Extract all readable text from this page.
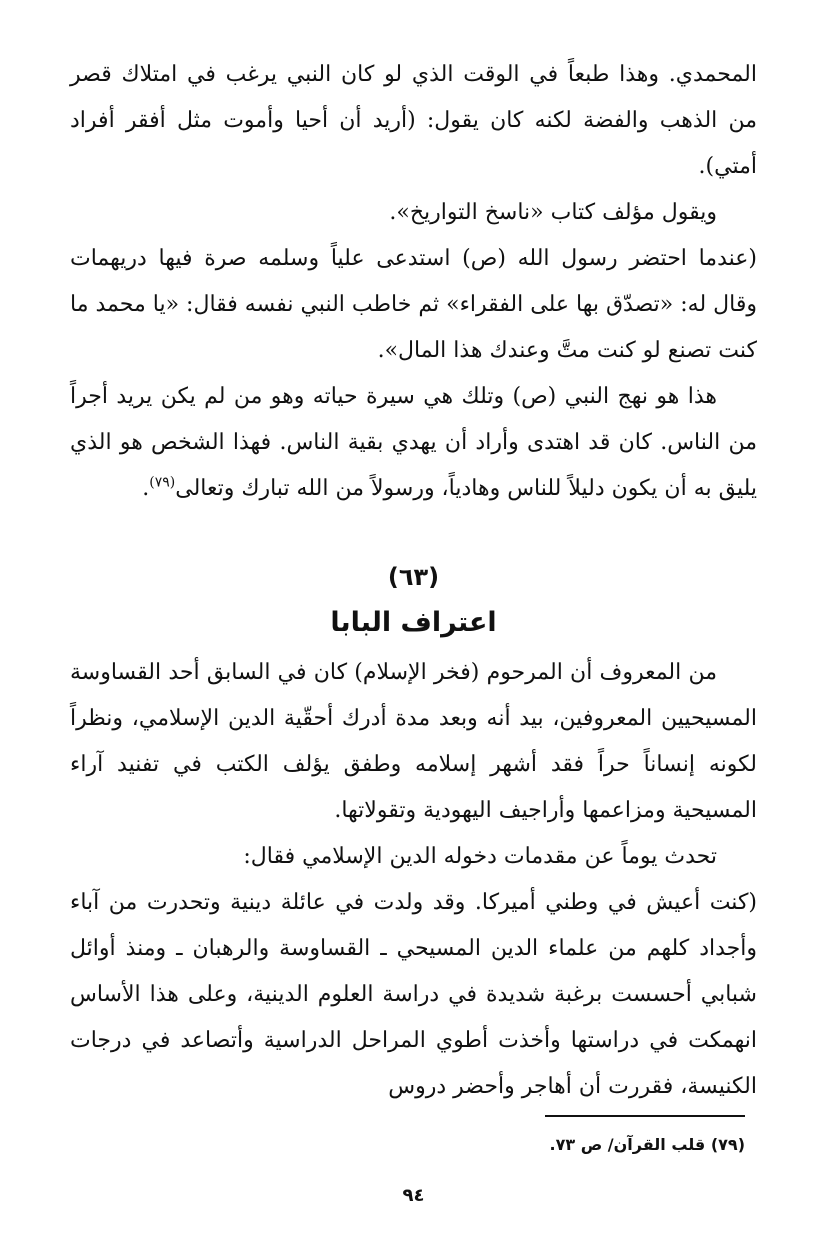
المحمدي. وهذا طبعاً في الوقت الذي لو كان النبي يرغب في امتلاك قصر من الذهب والفضة لكنه كان يقول: (أريد أن أحيا وأموت مثل أفقر أفراد أمتي).

ويقول مؤلف كتاب «ناسخ التواريخ».

(عندما احتضر رسول الله (ص) استدعى علياً وسلمه صرة فيها دريهمات وقال له: «تصدّق بها على الفقراء» ثم خاطب النبي نفسه فقال: «يا محمد ما كنت تصنع لو كنت متَّ وعندك هذا المال».

هذا هو نهج النبي (ص) وتلك هي سيرة حياته وهو من لم يكن يريد أجراً من الناس. كان قد اهتدى وأراد أن يهدي بقية الناس. فهذا الشخص هو الذي يليق به أن يكون دليلاً للناس وهادياً، ورسولاً من الله تبارك وتعالى$^{(٧٩)}$.

(٦٣)

اعتراف البابا

من المعروف أن المرحوم (فخر الإسلام) كان في السابق أحد القساوسة المسيحيين المعروفين، بيد أنه وبعد مدة أدرك أحقّية الدين الإسلامي، ونظراً لكونه إنساناً حراً فقد أشهر إسلامه وطفق يؤلف الكتب في تفنيد آراء المسيحية ومزاعمها وأراجيف اليهودية وتقولاتها.

تحدث يوماً عن مقدمات دخوله الدين الإسلامي فقال:

(كنت أعيش في وطني أميركا. وقد ولدت في عائلة دينية وتحدرت من آباء وأجداد كلهم من علماء الدين المسيحي ـ القساوسة والرهبان ـ ومنذ أوائل شبابي أحسست برغبة شديدة في دراسة العلوم الدينية، وعلى هذا الأساس انهمكت في دراستها وأخذت أطوي المراحل الدراسية وأتصاعد في درجات الكنيسة، فقررت أن أهاجر وأحضر دروس

(٧٩) قلب القرآن/ ص ٧٣.

٩٤
